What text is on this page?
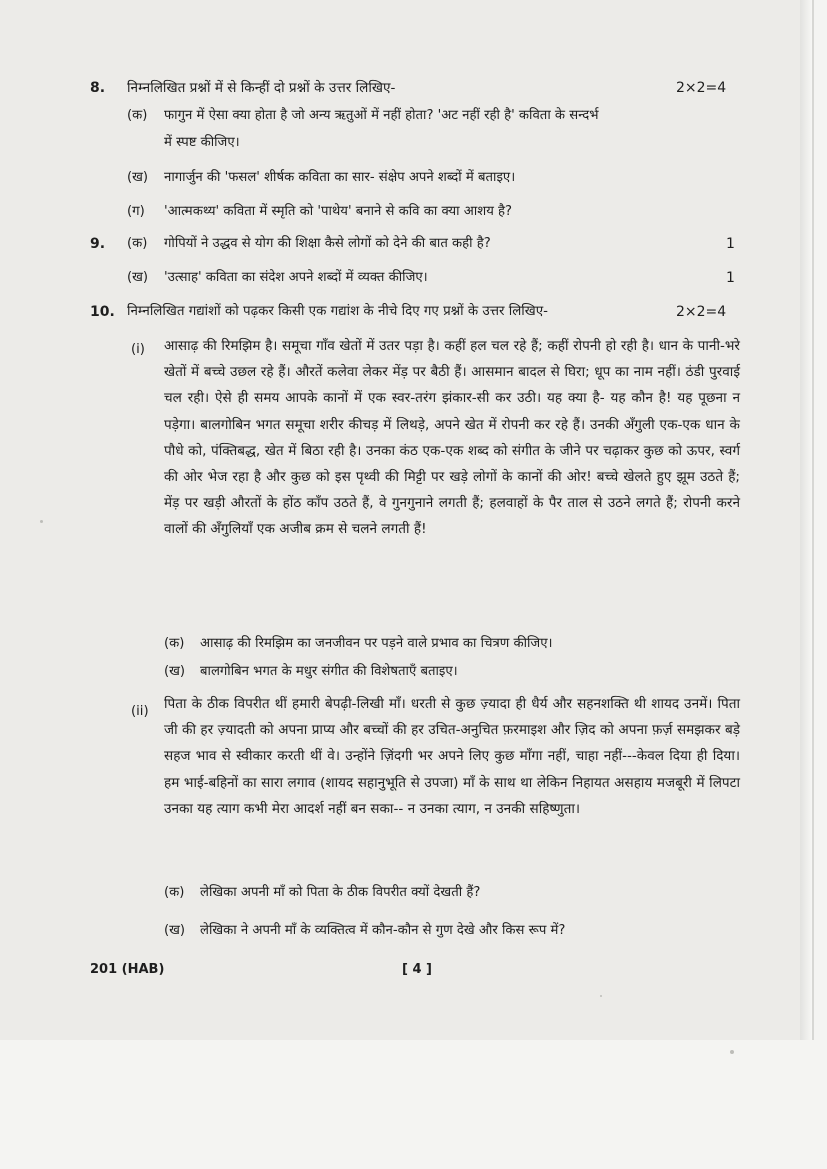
8. निम्नलिखित प्रश्नों में से किन्हीं दो प्रश्नों के उत्तर लिखिए-	2×2=4
(क) फागुन में ऐसा क्या होता है जो अन्य ऋतुओं में नहीं होता? 'अट नहीं रही है' कविता के सन्दर्भ
में स्पष्ट कीजिए।
(ख) नागार्जुन की 'फसल' शीर्षक कविता का सार- संक्षेप अपने शब्दों में बताइए।
(ग) 'आत्मकथ्य' कविता में स्मृति को 'पाथेय' बनाने से कवि का क्या आशय है?
9. (क) गोपियों ने उद्धव से योग की शिक्षा कैसे लोगों को देने की बात कही है?	1
(ख) 'उत्साह' कविता का संदेश अपने शब्दों में व्यक्त कीजिए।	1
10. निम्नलिखित गद्यांशों को पढ़कर किसी एक गद्यांश के नीचे दिए गए प्रश्नों के उत्तर लिखिए-	2×2=4
(i) आसाढ़ की रिमझिम है। समूचा गाँव खेतों में उतर पड़ा है। कहीं हल चल रहे हैं; कहीं रोपनी हो रही है। धान के पानी-भरे खेतों में बच्चे उछल रहे हैं। औरतें कलेवा लेकर मेंड़ पर बैठी हैं। आसमान बादल से घिरा; धूप का नाम नहीं। ठंडी पुरवाई चल रही। ऐसे ही समय आपके कानों में एक स्वर-तरंग झंकार-सी कर उठी। यह क्या है- यह कौन है! यह पूछना न पड़ेगा। बालगोबिन भगत समूचा शरीर कीचड़ में लिथड़े, अपने खेत में रोपनी कर रहे हैं। उनकी अँगुली एक-एक धान के पौधे को, पंक्तिबद्ध, खेत में बिठा रही है। उनका कंठ एक-एक शब्द को संगीत के जीने पर चढ़ाकर कुछ को ऊपर, स्वर्ग की ओर भेज रहा है और कुछ को इस पृथ्वी की मिट्टी पर खड़े लोगों के कानों की ओर! बच्चे खेलते हुए झूम उठते हैं; मेंड़ पर खड़ी औरतों के होंठ काँप उठते हैं, वे गुनगुनाने लगती हैं; हलवाहों के पैर ताल से उठने लगते हैं; रोपनी करने वालों की अँगुलियाँ एक अजीब क्रम से चलने लगती हैं!
(क) आसाढ़ की रिमझिम का जनजीवन पर पड़ने वाले प्रभाव का चित्रण कीजिए।
(ख) बालगोबिन भगत के मधुर संगीत की विशेषताएँ बताइए।
(ii) पिता के ठीक विपरीत थीं हमारी बेपढ़ी-लिखी माँ। धरती से कुछ ज़्यादा ही धैर्य और सहनशक्ति थी शायद उनमें। पिता जी की हर ज़्यादती को अपना प्राप्य और बच्चों की हर उचित-अनुचित फ़रमाइश और ज़िद को अपना फ़र्ज़ समझकर बड़े सहज भाव से स्वीकार करती थीं वे। उन्होंने ज़िंदगी भर अपने लिए कुछ माँगा नहीं, चाहा नहीं---केवल दिया ही दिया। हम भाई-बहिनों का सारा लगाव (शायद सहानुभूति से उपजा) माँ के साथ था लेकिन निहायत असहाय मजबूरी में लिपटा उनका यह त्याग कभी मेरा आदर्श नहीं बन सका-- न उनका त्याग, न उनकी सहिष्णुता।
(क) लेखिका अपनी माँ को पिता के ठीक विपरीत क्यों देखती हैं?
(ख) लेखिका ने अपनी माँ के व्यक्तित्व में कौन-कौन से गुण देखे और किस रूप में?
201 (HAB)	[ 4 ]
